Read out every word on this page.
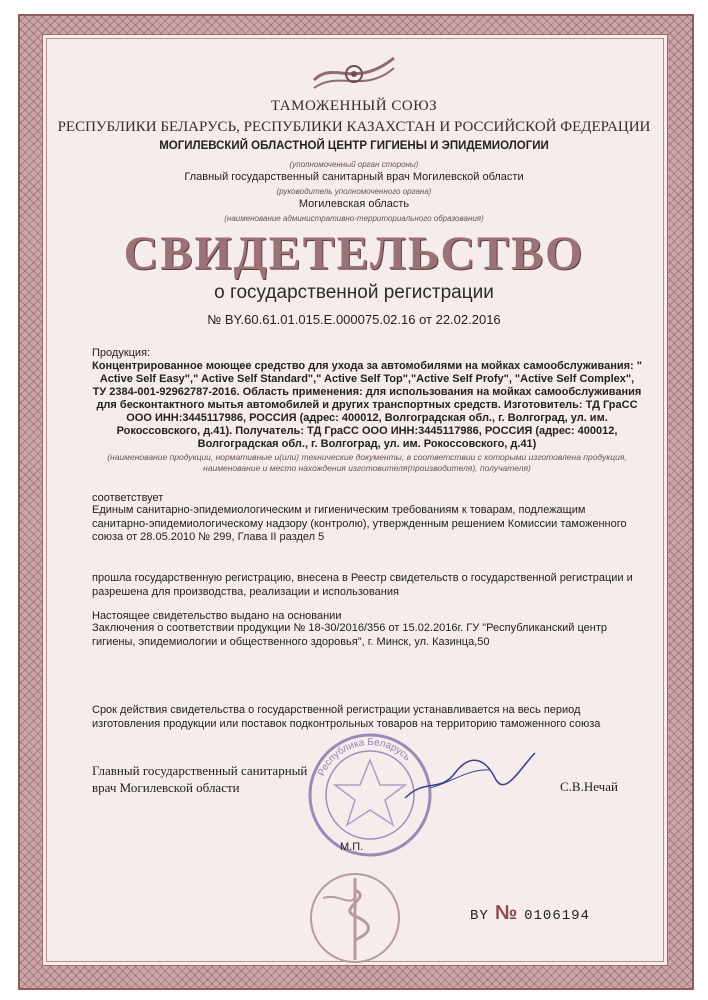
ТАМОЖЕННЫЙ СОЮЗ
РЕСПУБЛИКИ БЕЛАРУСЬ, РЕСПУБЛИКИ КАЗАХСТАН И РОССИЙСКОЙ ФЕДЕРАЦИИ
МОГИЛЕВСКИЙ ОБЛАСТНОЙ ЦЕНТР ГИГИЕНЫ И ЭПИДЕМИОЛОГИИ
(уполномоченный орган стороны)
Главный государственный санитарный врач Могилевской области
(руководитель уполномоченного органа)
Могилевская область
(наименование административно-территориального образования)
СВИДЕТЕЛЬСТВО
о государственной регистрации
№ BY.60.61.01.015.E.000075.02.16 от 22.02.2016
Продукция:
Концентрированное моющее средство для ухода за автомобилями на мойках самообслуживания: " Active Self Easy"," Active Self Standard"," Active Self Top","Active Self Profy", "Active Self Complex", ТУ 2384-001-92962787-2016. Область применения: для использования на мойках самообслуживания для бесконтактного мытья автомобилей и других транспортных средств. Изготовитель: ТД ГраСС ООО ИНН:3445117986, РОССИЯ (адрес: 400012, Волгоградская обл., г. Волгоград, ул. им. Рокоссовского, д.41). Получатель: ТД ГраСС ООО ИНН:3445117986, РОССИЯ (адрес: 400012, Волгоградская обл., г. Волгоград, ул. им. Рокоссовского, д.41)
(наименование продукции, нормативные и(или) технические документы, в соответствии с которыми изготовлена продукция, наименование и место нахождения изготовителя(производителя), получателя)
соответствует
Единым санитарно-эпидемиологическим и гигиеническим требованиям к товарам, подлежащим санитарно-эпидемиологическому надзору (контролю), утвержденным решением Комиссии таможенного союза от 28.05.2010 № 299, Глава II раздел 5
прошла государственную регистрацию, внесена в Реестр свидетельств о государственной регистрации и разрешена для производства, реализации и использования
Настоящее свидетельство выдано на основании
Заключения о соответствии продукции № 18-30/2016/356 от 15.02.2016г. ГУ "Республиканский центр гигиены, эпидемиологии и общественного здоровья", г. Минск, ул. Казинца,50
Срок действия свидетельства о государственной регистрации устанавливается на весь период изготовления продукции или поставок подконтрольных товаров на территорию таможенного союза
Главный государственный санитарный
врач Могилевской области
Республика Беларусь
С.В.Нечай
М.П.
BY № 0106194
